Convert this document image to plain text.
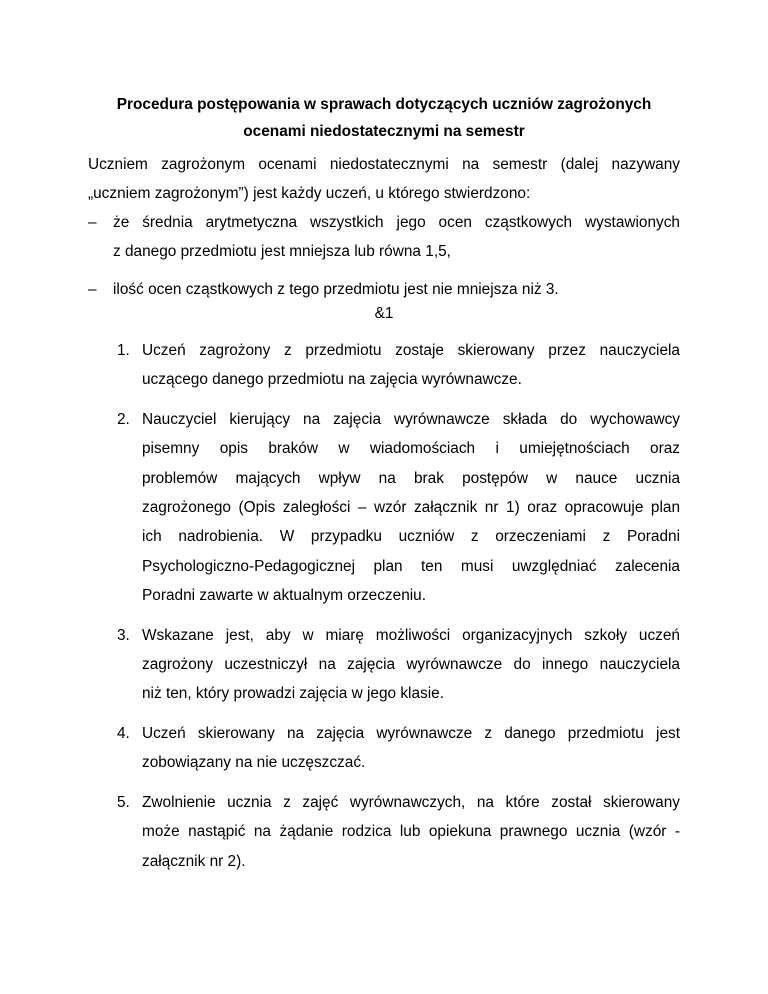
Procedura postępowania w sprawach dotyczących uczniów zagrożonych
ocenami niedostatecznymi na semestr
Uczniem zagrożonym ocenami niedostatecznymi na semestr (dalej nazywany
„uczniem zagrożonym”) jest każdy uczeń, u którego stwierdzono:
– że średnia arytmetyczna wszystkich jego ocen cząstkowych wystawionych
z danego przedmiotu jest mniejsza lub równa 1,5,
– ilość ocen cząstkowych z tego przedmiotu jest nie mniejsza niż 3.
&1
1. Uczeń zagrożony z przedmiotu zostaje skierowany przez nauczyciela
uczącego danego przedmiotu na zajęcia wyrównawcze.
2. Nauczyciel kierujący na zajęcia wyrównawcze składa do wychowawcy
pisemny opis braków w wiadomościach i umiejętnościach oraz
problemów mających wpływ na brak postępów w nauce ucznia
zagrożonego (Opis zaległości – wzór załącznik nr 1) oraz opracowuje plan
ich nadrobienia. W przypadku uczniów z orzeczeniami z Poradni
Psychologiczno-Pedagogicznej plan ten musi uwzględniać zalecenia
Poradni zawarte w aktualnym orzeczeniu.
3. Wskazane jest, aby w miarę możliwości organizacyjnych szkoły uczeń
zagrożony uczestniczył na zajęcia wyrównawcze do innego nauczyciela
niż ten, który prowadzi zajęcia w jego klasie.
4. Uczeń skierowany na zajęcia wyrównawcze z danego przedmiotu jest
zobowiązany na nie uczęszczać.
5. Zwolnienie ucznia z zajęć wyrównawczych, na które został skierowany
może nastąpić na żądanie rodzica lub opiekuna prawnego ucznia (wzór -
załącznik nr 2).
